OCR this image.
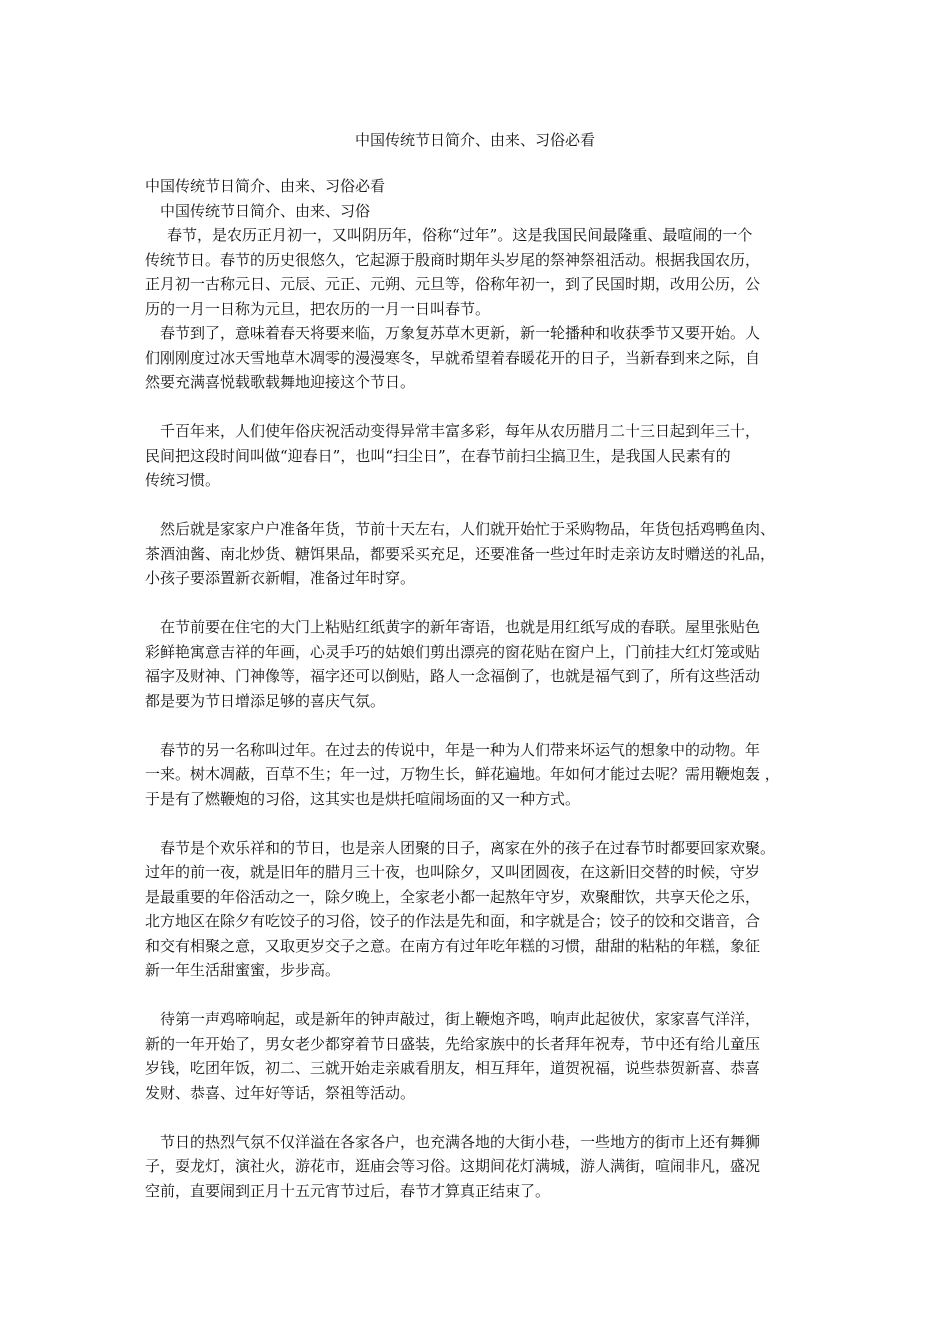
中国传统节日简介、由来、习俗必看
中国传统节日简介、由来、习俗必看
中国传统节日简介、由来、习俗
春节，是农历正月初一，又叫阴历年，俗称“过年”。这是我国民间最隆重、最喧闹的一个
传统节日。春节的历史很悠久，它起源于殷商时期年头岁尾的祭神祭祖活动。根据我国农历，
正月初一古称元日、元辰、元正、元朔、元旦等，俗称年初一，到了民国时期，改用公历，公
历的一月一日称为元旦，把农历的一月一日叫春节。
春节到了，意味着春天将要来临，万象复苏草木更新，新一轮播种和收获季节又要开始。人
们刚刚度过冰天雪地草木凋零的漫漫寒冬，早就希望着春暖花开的日子，当新春到来之际，自
然要充满喜悦载歌载舞地迎接这个节日。
千百年来，人们使年俗庆祝活动变得异常丰富多彩，每年从农历腊月二十三日起到年三十，
民间把这段时间叫做“迎春日”，也叫“扫尘日”，在春节前扫尘搞卫生，是我国人民素有的
传统习惯。
然后就是家家户户准备年货，节前十天左右，人们就开始忙于采购物品，年货包括鸡鸭鱼肉、
茶酒油酱、南北炒货、糖饵果品，都要采买充足，还要准备一些过年时走亲访友时赠送的礼品，
小孩子要添置新衣新帽，准备过年时穿。
在节前要在住宅的大门上粘贴红纸黄字的新年寄语，也就是用红纸写成的春联。屋里张贴色
彩鲜艳寓意吉祥的年画，心灵手巧的姑娘们剪出漂亮的窗花贴在窗户上，门前挂大红灯笼或贴
福字及财神、门神像等，福字还可以倒贴，路人一念福倒了，也就是福气到了，所有这些活动
都是要为节日增添足够的喜庆气氛。
春节的另一名称叫过年。在过去的传说中，年是一种为人们带来坏运气的想象中的动物。年
一来。树木凋蔽，百草不生；年一过，万物生长，鲜花遍地。年如何才能过去呢？需用鞭炮轰 ，
于是有了燃鞭炮的习俗，这其实也是烘托喧闹场面的又一种方式。
春节是个欢乐祥和的节日，也是亲人团聚的日子，离家在外的孩子在过春节时都要回家欢聚。
过年的前一夜，就是旧年的腊月三十夜，也叫除夕，又叫团圆夜，在这新旧交替的时候，守岁
是最重要的年俗活动之一，除夕晚上，全家老小都一起熬年守岁，欢聚酣饮，共享天伦之乐，
北方地区在除夕有吃饺子的习俗，饺子的作法是先和面，和字就是合；饺子的饺和交谐音，合
和交有相聚之意，又取更岁交子之意。在南方有过年吃年糕的习惯，甜甜的粘粘的年糕，象征
新一年生活甜蜜蜜，步步高。
待第一声鸡啼响起，或是新年的钟声敲过，街上鞭炮齐鸣，响声此起彼伏，家家喜气洋洋，
新的一年开始了，男女老少都穿着节日盛装，先给家族中的长者拜年祝寿，节中还有给儿童压
岁钱，吃团年饭，初二、三就开始走亲戚看朋友，相互拜年，道贺祝福，说些恭贺新喜、恭喜
发财、恭喜、过年好等话，祭祖等活动。
节日的热烈气氛不仅洋溢在各家各户，也充满各地的大街小巷，一些地方的街市上还有舞狮
子，耍龙灯，演社火，游花市，逛庙会等习俗。这期间花灯满城，游人满街，喧闹非凡，盛况
空前，直要闹到正月十五元宵节过后，春节才算真正结束了。
